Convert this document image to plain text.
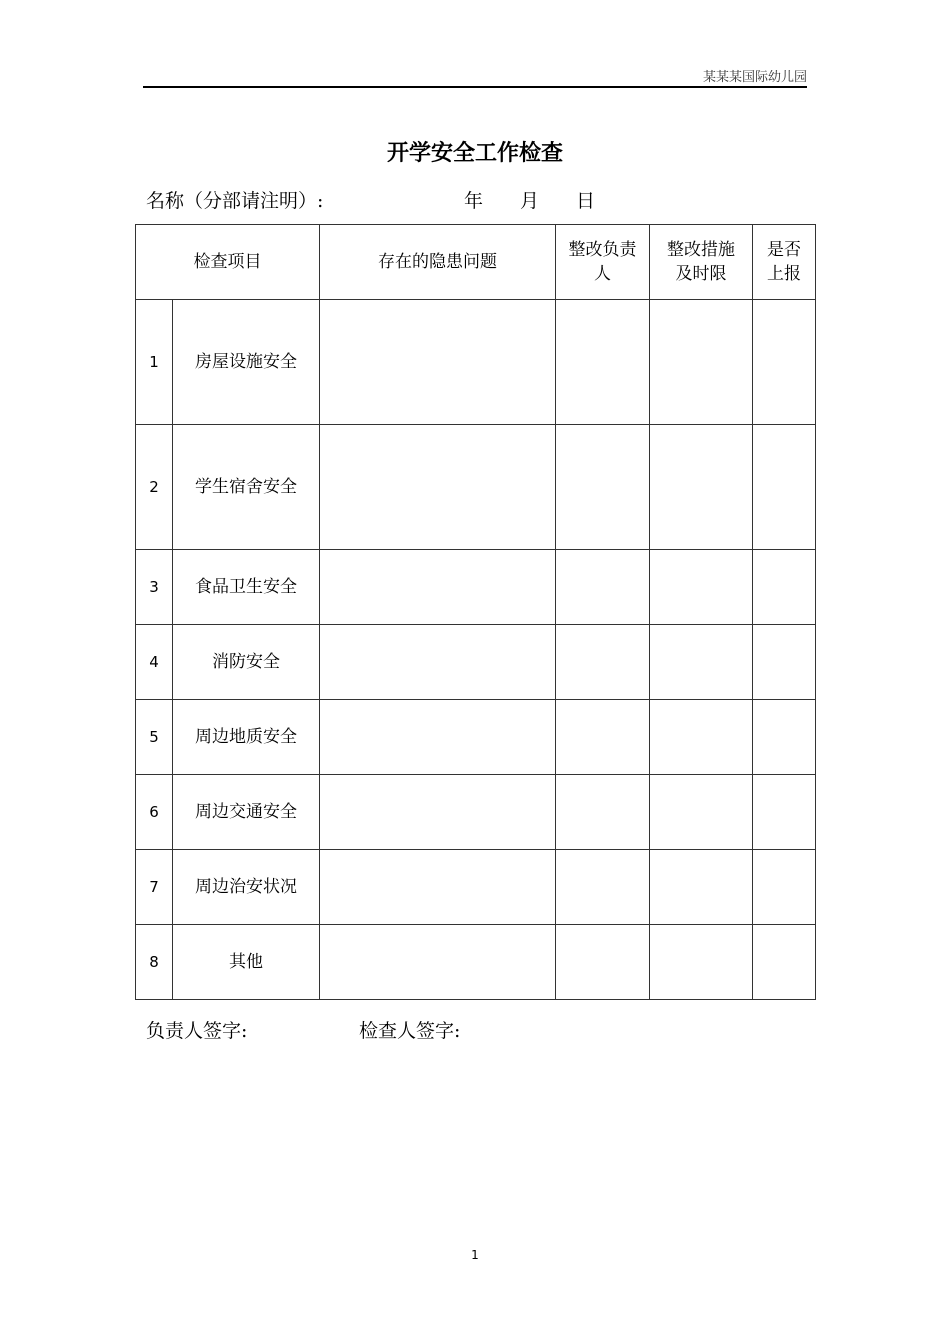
某某某国际幼儿园
开学安全工作检查
名称（分部请注明）:	年 月 日
检查项目		存在的隐患问题	整改负责人	整改措施及时限	是否上报

1	房屋设施安全				
2	学生宿舍安全				
3	食品卫生安全				
4	消防安全				
5	周边地质安全				
6	周边交通安全				
7	周边治安状况				
8	其他				
负责人签字:	检查人签字:
1
